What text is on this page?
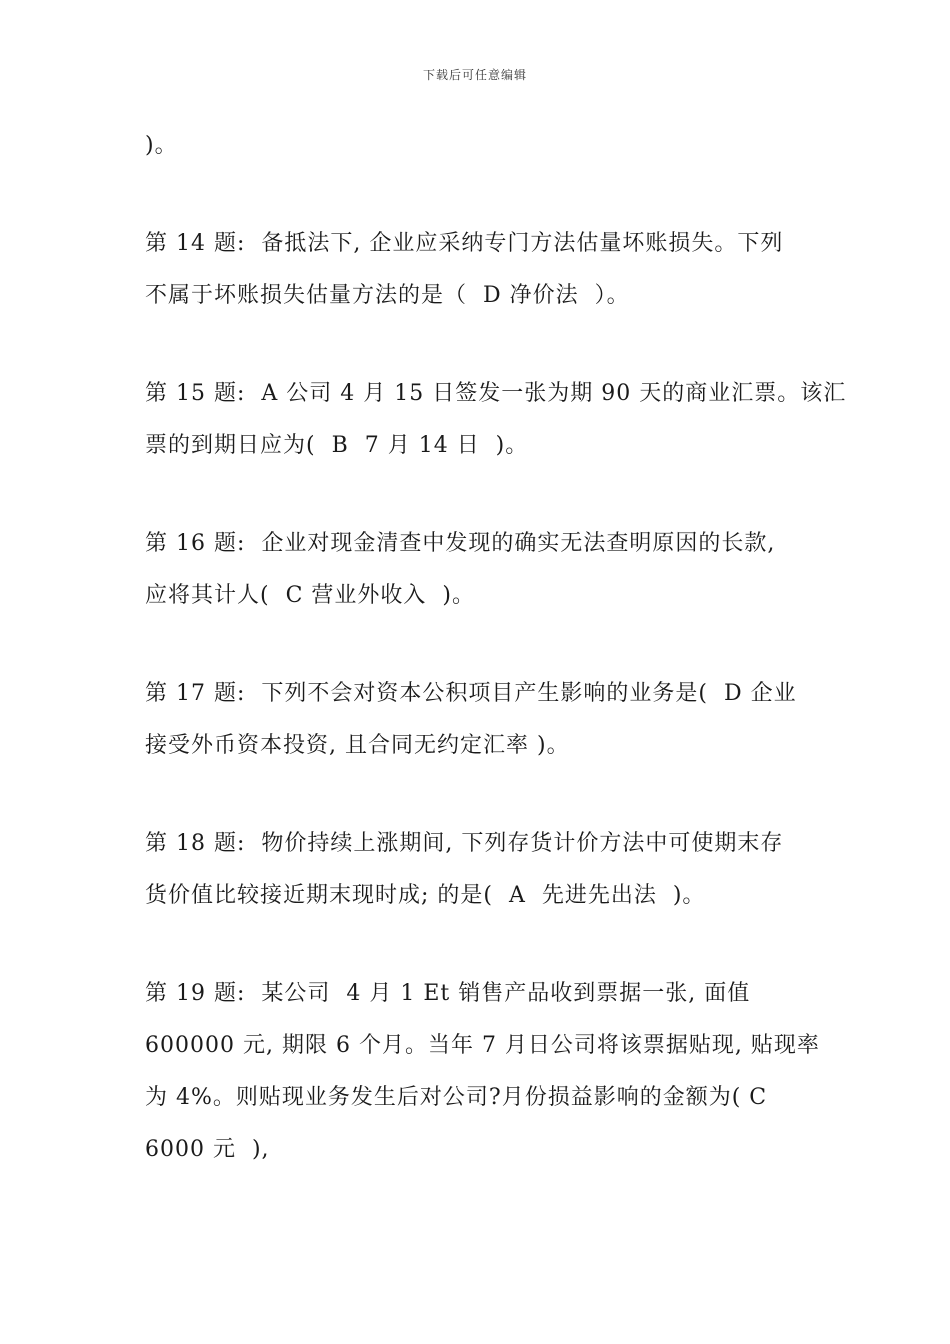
下载后可任意编辑
)。
第 14 题:  备抵法下, 企业应采纳专门方法估量坏账损失。下列
不属于坏账损失估量方法的是（  D 净价法  ）。
第 15 题:  A 公司 4 月 15 日签发一张为期 90 天的商业汇票。该汇
票的到期日应为(  B  7 月 14 日  )。
第 16 题:  企业对现金清查中发现的确实无法查明原因的长款,
应将其计人(  C 营业外收入  )。
第 17 题:  下列不会对资本公积项目产生影响的业务是(  D 企业
接受外币资本投资, 且合同无约定汇率 )。
第 18 题:  物价持续上涨期间, 下列存货计价方法中可使期末存
货价值比较接近期末现时成; 的是(  A  先进先出法  )。
第 19 题:  某公司  4 月 1 Et 销售产品收到票据一张, 面值
600000 元, 期限 6 个月。当年 7 月日公司将该票据贴现, 贴现率
为 4%。则贴现业务发生后对公司?月份损益影响的金额为( C
6000 元  ),
